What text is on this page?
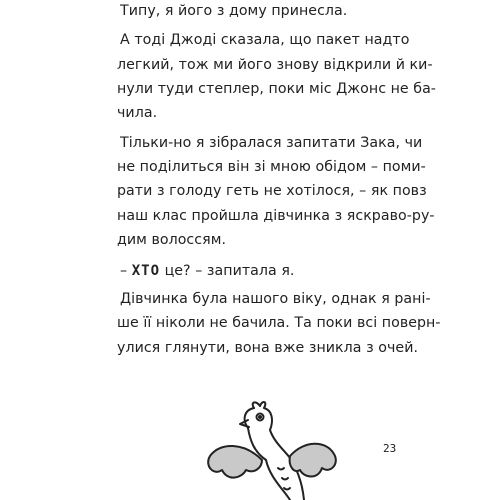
Типу, я його з дому принесла.
А тоді Джоді сказала, що пакет надто
легкий, тож ми його знову відкрили й ки-
нули туди степлер, поки міс Джонс не ба-
чила.
Тільки-но я зібралася запитати Зака, чи
не поділиться він зі мною обідом – поми-
рати з голоду геть не хотілося, – як повз
наш клас пройшла дівчинка з яскраво-ру-
дим волоссям.
– ХТО це? – запитала я.
Дівчинка була нашого віку, однак я рані-
ше її ніколи не бачила. Та поки всі поверн-
улися глянути, вона вже зникла з очей.
23
